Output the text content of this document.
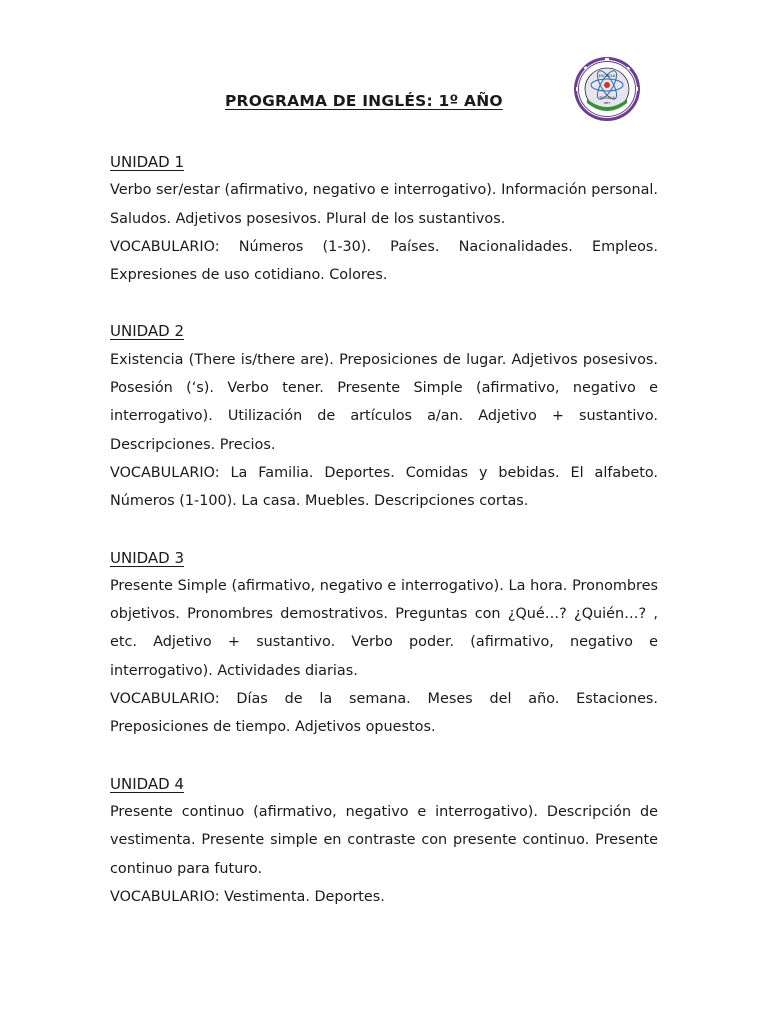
PROGRAMA DE INGLÉS: 1º AÑO
ESCUELA
TÉCNICA
IPET
UNIDAD 1

Verbo ser/estar (afirmativo, negativo e interrogativo). Información personal. Saludos. Adjetivos posesivos. Plural de los sustantivos.

VOCABULARIO: Números (1-30). Países. Nacionalidades. Empleos. Expresiones de uso cotidiano. Colores.

UNIDAD 2

Existencia (There is/there are). Preposiciones de lugar. Adjetivos posesivos. Posesión (‘s). Verbo tener. Presente Simple (afirmativo, negativo e interrogativo). Utilización de artículos a/an. Adjetivo + sustantivo. Descripciones. Precios.

VOCABULARIO: La Familia. Deportes. Comidas y bebidas. El alfabeto. Números (1-100). La casa. Muebles. Descripciones cortas.

UNIDAD 3

Presente Simple (afirmativo, negativo e interrogativo). La hora. Pronombres objetivos. Pronombres demostrativos. Preguntas con ¿Qué…? ¿Quién…? , etc. Adjetivo + sustantivo. Verbo poder. (afirmativo, negativo e interrogativo). Actividades diarias.

VOCABULARIO: Días de la semana. Meses del año. Estaciones. Preposiciones de tiempo. Adjetivos opuestos.

UNIDAD 4

Presente continuo (afirmativo, negativo e interrogativo). Descripción de vestimenta. Presente simple en contraste con presente continuo. Presente continuo para futuro.

VOCABULARIO: Vestimenta. Deportes.
